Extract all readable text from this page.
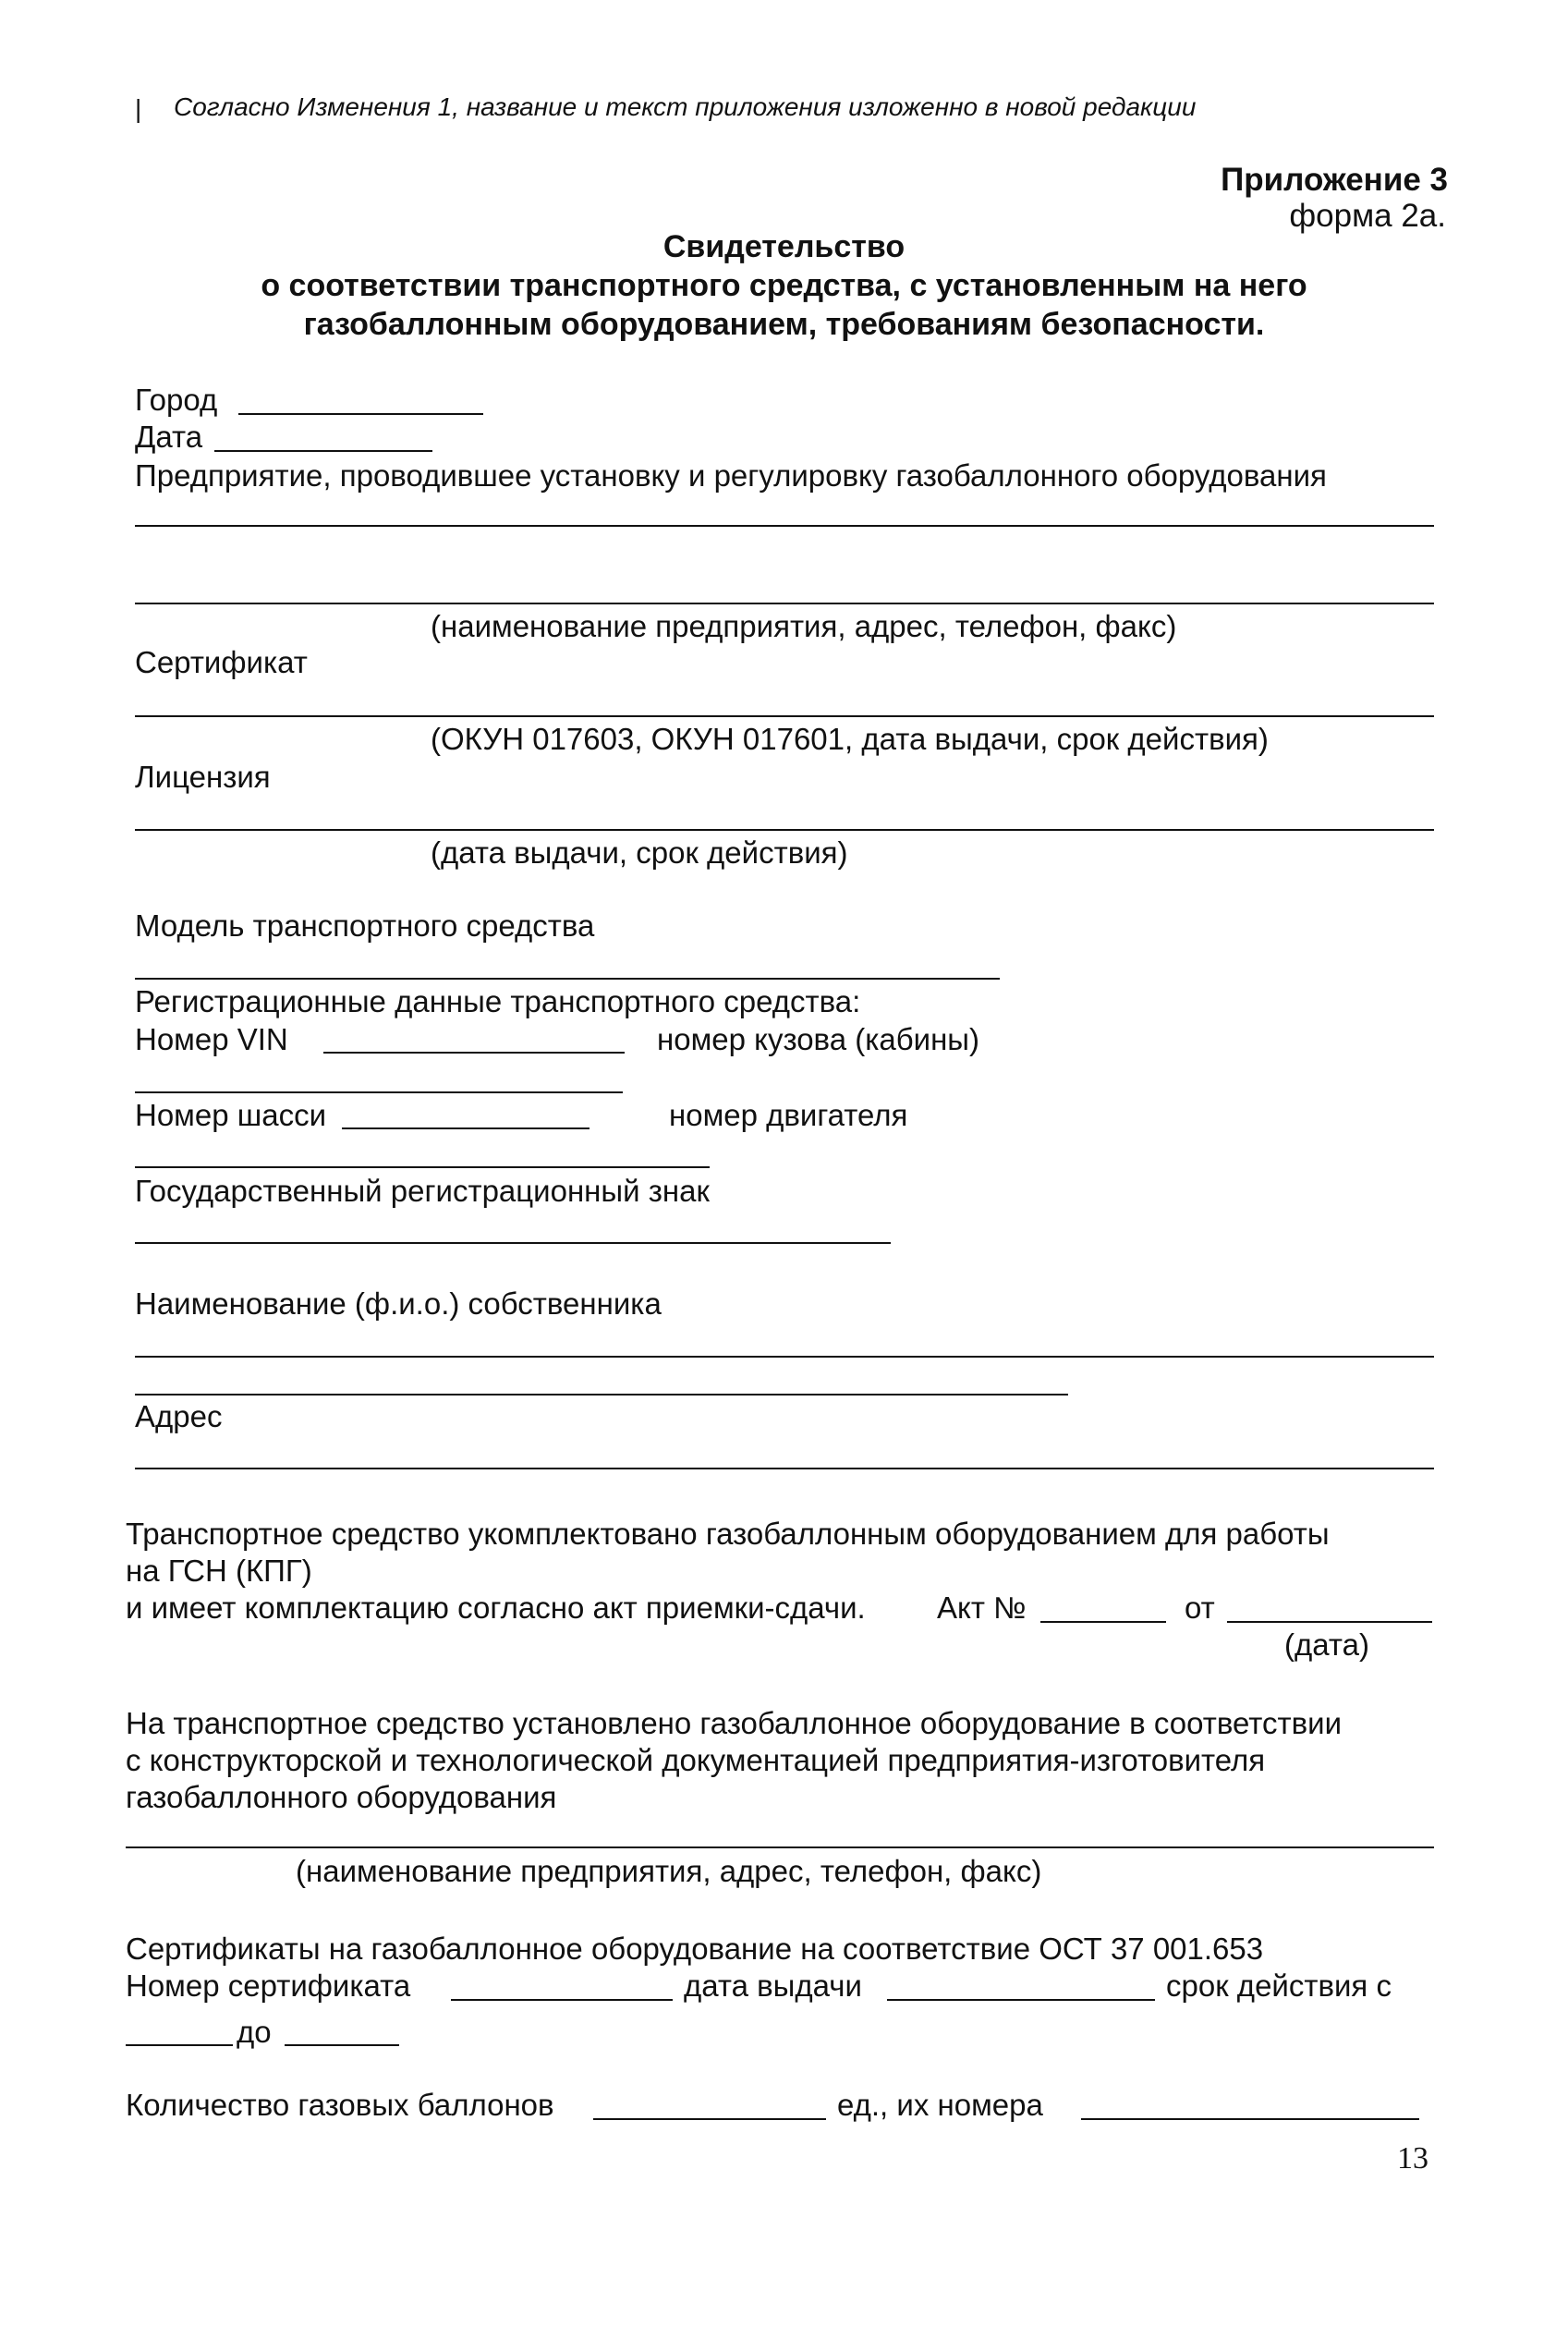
| Согласно Изменения 1, название и текст приложения изложенно в новой редакции
Приложение 3
форма 2а.
Свидетельство
о соответствии транспортного средства, с установленным на него
газобаллонным оборудованием, требованиям безопасности.
Город
Дата
Предприятие, проводившее установку и регулировку газобаллонного оборудования
(наименование предприятия, адрес, телефон, факс)
Сертификат
(ОКУН 017603, ОКУН 017601, дата выдачи, срок действия)
Лицензия
(дата выдачи, срок действия)
Модель транспортного средства
Регистрационные данные транспортного средства:
Номер VIN	номер кузова (кабины)
Номер шасси	номер двигателя
Государственный регистрационный знак
Наименование (ф.и.о.) собственника
Адрес
Транспортное средство укомплектовано газобаллонным оборудованием для работы
на ГСН (КПГ)
и имеет комплектацию согласно акт приемки-сдачи. Акт №	от
(дата)
На транспортное средство установлено газобаллонное оборудование в соответствии
с конструкторской и технологической документацией предприятия-изготовителя
газобаллонного оборудования
(наименование предприятия, адрес, телефон, факс)
Сертификаты на газобаллонное оборудование на соответствие ОСТ 37 001.653
Номер сертификата	дата выдачи	срок действия с
до
Количество газовых баллонов	ед., их номера
13
